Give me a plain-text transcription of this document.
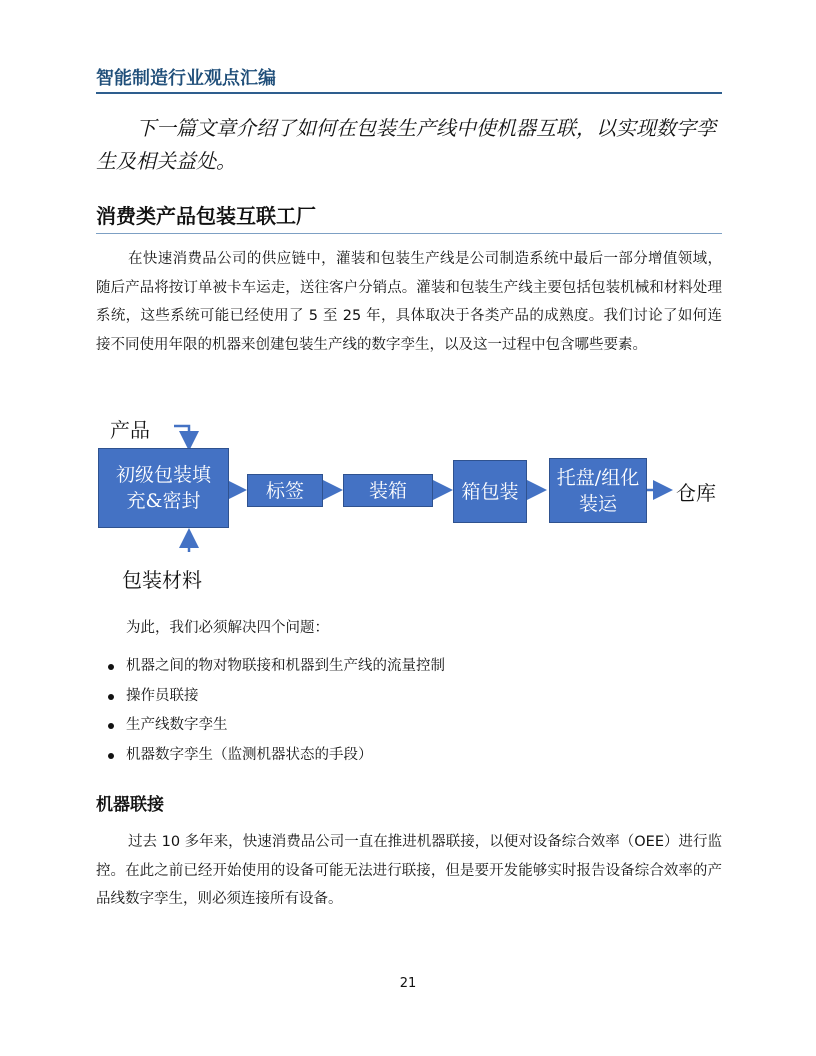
智能制造行业观点汇编
下一篇文章介绍了如何在包装生产线中使机器互联，以实现数字孪生及相关益处。
消费类产品包装互联工厂
在快速消费品公司的供应链中，灌装和包装生产线是公司制造系统中最后一部分增值领域，随后产品将按订单被卡车运走，送往客户分销点。灌装和包装生产线主要包括包装机械和材料处理系统，这些系统可能已经使用了 5 至 25 年，具体取决于各类产品的成熟度。我们讨论了如何连接不同使用年限的机器来创建包装生产线的数字孪生，以及这一过程中包含哪些要素。
产品
初级包装填充&密封	标签	装箱	箱包装
托盘/组化装运	仓库
包装材料
为此，我们必须解决四个问题：
机器之间的物对物联接和机器到生产线的流量控制
操作员联接
生产线数字孪生
机器数字孪生（监测机器状态的手段）
机器联接
过去 10 多年来，快速消费品公司一直在推进机器联接，以便对设备综合效率（OEE）进行监控。在此之前已经开始使用的设备可能无法进行联接，但是要开发能够实时报告设备综合效率的产品线数字孪生，则必须连接所有设备。
21
